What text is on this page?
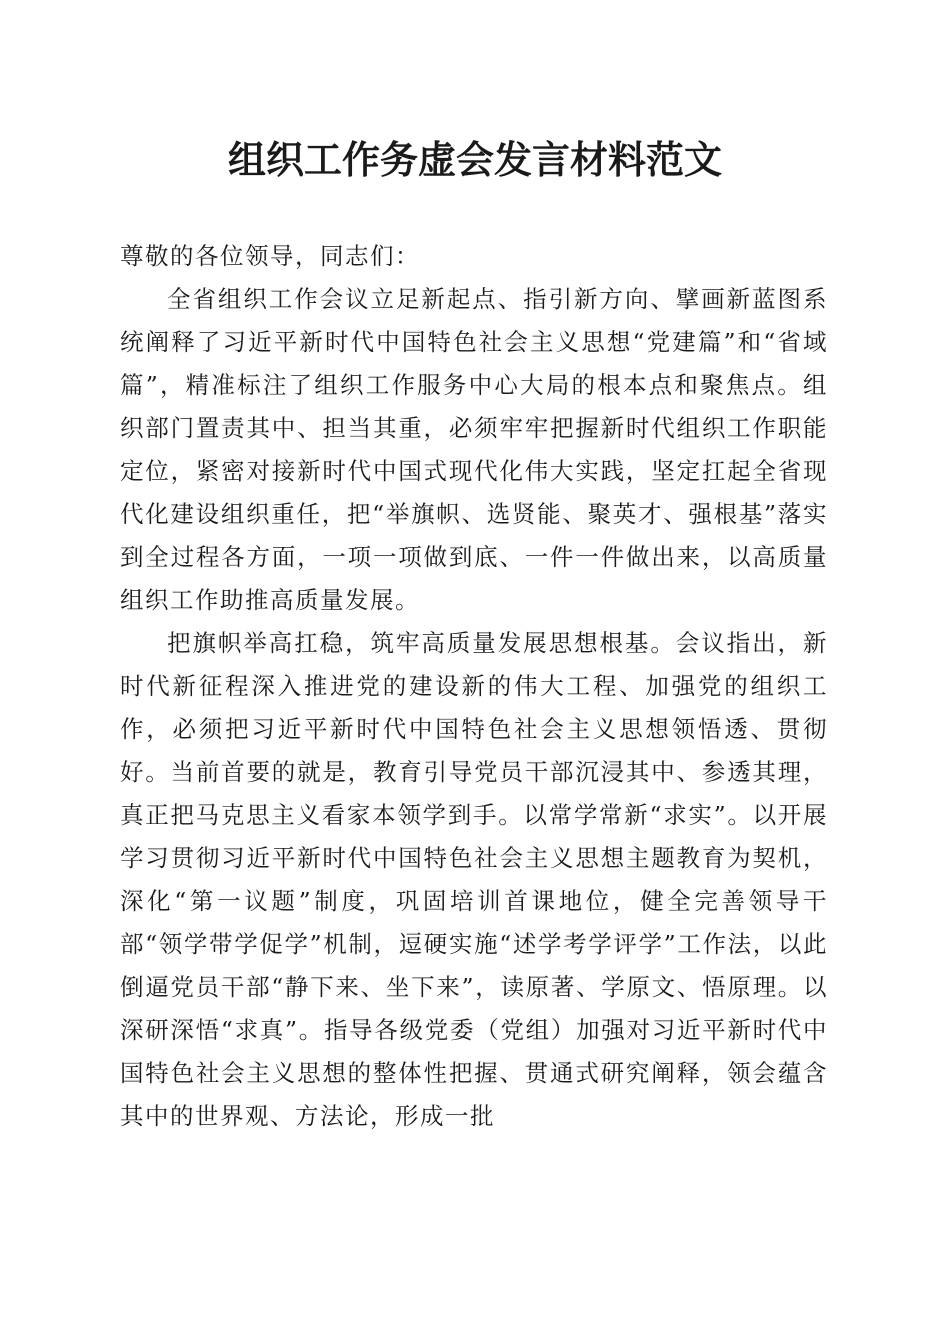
组织工作务虚会发言材料范文

尊敬的各位领导，同志们：

全省组织工作会议立足新起点、指引新方向、擘画新蓝图系统阐释了习近平新时代中国特色社会主义思想“党建篇”和“省域篇”，精准标注了组织工作服务中心大局的根本点和聚焦点。组织部门置责其中、担当其重，必须牢牢把握新时代组织工作职能定位，紧密对接新时代中国式现代化伟大实践，坚定扛起全省现代化建设组织重任，把“举旗帜、选贤能、聚英才、强根基”落实到全过程各方面，一项一项做到底、一件一件做出来，以高质量组织工作助推高质量发展。

把旗帜举高扛稳，筑牢高质量发展思想根基。会议指出，新时代新征程深入推进党的建设新的伟大工程、加强党的组织工作，必须把习近平新时代中国特色社会主义思想领悟透、贯彻好。当前首要的就是，教育引导党员干部沉浸其中、参透其理，真正把马克思主义看家本领学到手。以常学常新“求实”。以开展学习贯彻习近平新时代中国特色社会主义思想主题教育为契机，深化“第一议题”制度，巩固培训首课地位，健全完善领导干部“领学带学促学”机制，逗硬实施“述学考学评学”工作法，以此倒逼党员干部“静下来、坐下来”，读原著、学原文、悟原理。以深研深悟“求真”。指导各级党委（党组）加强对习近平新时代中国特色社会主义思想的整体性把握、贯通式研究阐释，领会蕴含其中的世界观、方法论，形成一批
